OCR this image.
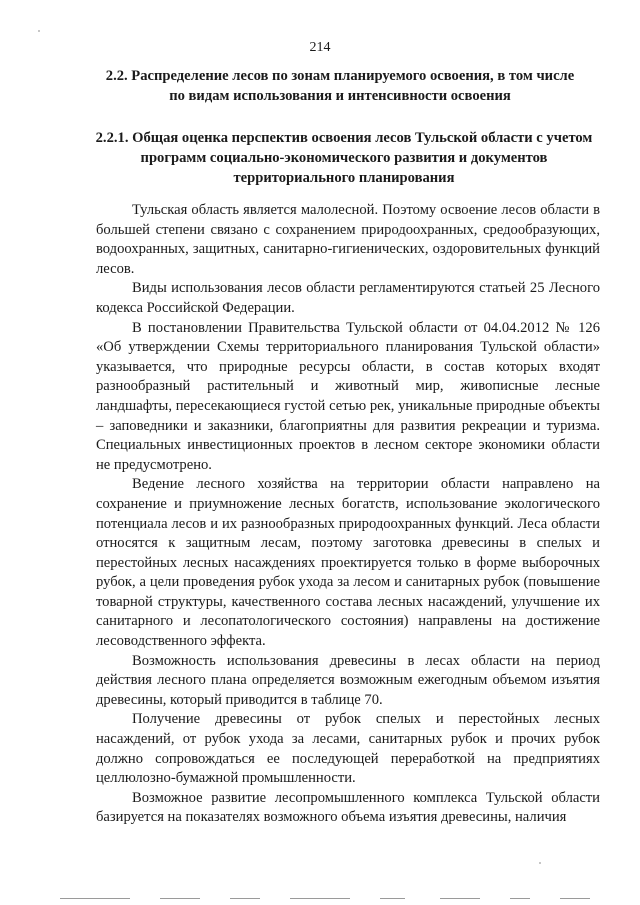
214
2.2. Распределение лесов по зонам планируемого освоения, в том числе по видам использования и интенсивности освоения
2.2.1. Общая оценка перспектив освоения лесов Тульской области с учетом программ социально-экономического развития и документов территориального планирования

Тульская область является малолесной. Поэтому освоение лесов области в большей степени связано с сохранением природоохранных, средообразующих, водоохранных, защитных, санитарно-гигиенических, оздоровительных функций лесов.

Виды использования лесов области регламентируются статьей 25 Лесного кодекса Российской Федерации.

В постановлении Правительства Тульской области от 04.04.2012 № 126 «Об утверждении Схемы территориального планирования Тульской области» указывается, что природные ресурсы области, в состав которых входят разнообразный растительный и животный мир, живописные лесные ландшафты, пересекающиеся густой сетью рек, уникальные природные объекты – заповедники и заказники, благоприятны для развития рекреации и туризма. Специальных инвестиционных проектов в лесном секторе экономики области не предусмотрено.

Ведение лесного хозяйства на территории области направлено на сохранение и приумножение лесных богатств, использование экологического потенциала лесов и их разнообразных природоохранных функций. Леса области относятся к защитным лесам, поэтому заготовка древесины в спелых и перестойных лесных насаждениях проектируется только в форме выборочных рубок, а цели проведения рубок ухода за лесом и санитарных рубок (повышение товарной структуры, качественного состава лесных насаждений, улучшение их санитарного и лесопатологического состояния) направлены на достижение лесоводственного эффекта.

Возможность использования древесины в лесах области на период действия лесного плана определяется возможным ежегодным объемом изъятия древесины, который приводится в таблице 70.

Получение древесины от рубок спелых и перестойных лесных насаждений, от рубок ухода за лесами, санитарных рубок и прочих рубок должно сопровождаться ее последующей переработкой на предприятиях целлюлозно-бумажной промышленности.

Возможное развитие лесопромышленного комплекса Тульской области базируется на показателях возможного объема изъятия древесины, наличия
